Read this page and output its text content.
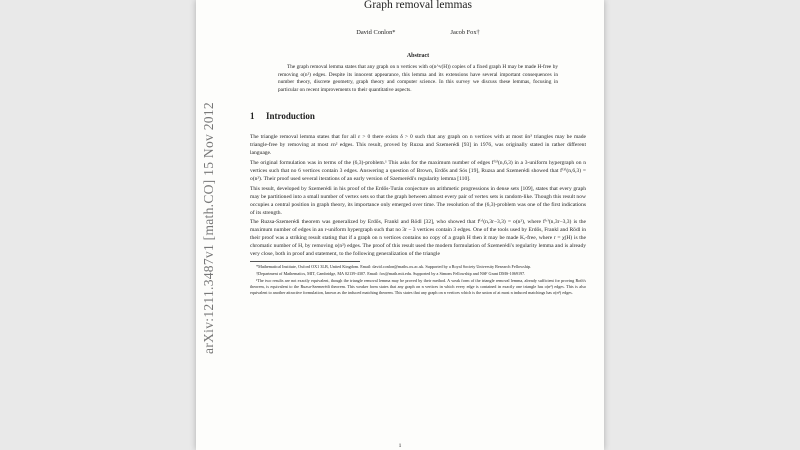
Graph removal lemmas
David Conlon*	Jacob Fox†
Abstract
The graph removal lemma states that any graph on n vertices with o(n^v(H)) copies of a fixed graph H may be made H-free by removing o(n²) edges. Despite its innocent appearance, this lemma and its extensions have several important consequences in number theory, discrete geometry, graph theory and computer science. In this survey we discuss these lemmas, focusing in particular on recent improvements to their quantitative aspects.
1 Introduction

The triangle removal lemma states that for all ε > 0 there exists δ > 0 such that any graph on n vertices with at most δn³ triangles may be made triangle-free by removing at most εn² edges. This result, proved by Ruzsa and Szemerédi [93] in 1976, was originally stated in rather different language.

The original formulation was in terms of the (6,3)-problem.¹ This asks for the maximum number of edges f⁽³⁾(n,6,3) in a 3-uniform hypergraph on n vertices such that no 6 vertices contain 3 edges. Answering a question of Brown, Erdős and Sós [19], Ruzsa and Szemerédi showed that f⁽³⁾(n,6,3) = o(n²). Their proof used several iterations of an early version of Szemerédi's regularity lemma [110].

This result, developed by Szemerédi in his proof of the Erdős-Turán conjecture on arithmetic progressions in dense sets [109], states that every graph may be partitioned into a small number of vertex sets so that the graph between almost every pair of vertex sets is random-like. Though this result now occupies a central position in graph theory, its importance only emerged over time. The resolution of the (6,3)-problem was one of the first indications of its strength.

The Ruzsa-Szemerédi theorem was generalized by Erdős, Frankl and Rödl [32], who showed that f⁽ʳ⁾(n,3r−3,3) = o(n²), where f⁽ʳ⁾(n,3r−3,3) is the maximum number of edges in an r-uniform hypergraph such that no 3r − 3 vertices contain 3 edges. One of the tools used by Erdős, Frankl and Rödl in their proof was a striking result stating that if a graph on n vertices contains no copy of a graph H then it may be made Kᵣ-free, where r = χ(H) is the chromatic number of H, by removing o(n²) edges. The proof of this result used the modern formulation of Szemerédi's regularity lemma and is already very close, both in proof and statement, to the following generalization of the triangle

*Mathematical Institute, Oxford OX1 3LB, United Kingdom. Email: david.conlon@maths.ox.ac.uk. Supported by a Royal Society University Research Fellowship.

†Department of Mathematics, MIT, Cambridge, MA 02139-4307. Email: fox@math.mit.edu. Supported by a Simons Fellowship and NSF Grant DMS-1069197.

¹The two results are not exactly equivalent, though the triangle removal lemma may be proved by their method. A weak form of the triangle removal lemma, already sufficient for proving Roth's theorem, is equivalent to the Ruzsa-Szemerédi theorem. This weaker form states that any graph on n vertices in which every edge is contained in exactly one triangle has o(n²) edges. This is also equivalent to another attractive formulation, known as the induced matching theorem. This states that any graph on n vertices which is the union of at most n induced matchings has o(n²) edges.

1
arXiv:1211.3487v1 [math.CO] 15 Nov 2012
